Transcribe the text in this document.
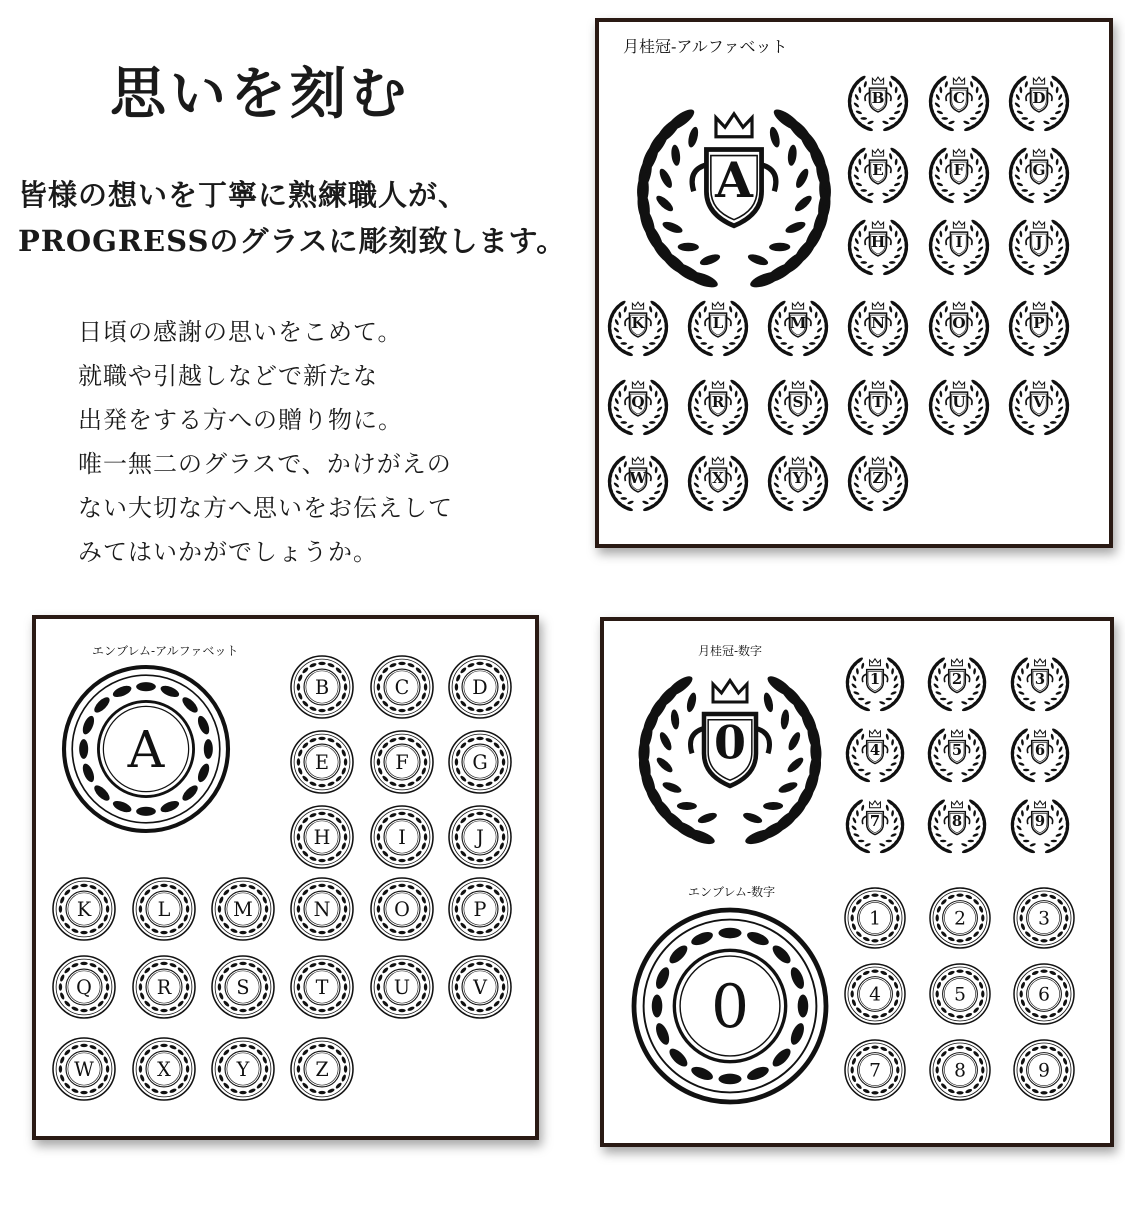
思いを刻む
皆様の想いを丁寧に熟練職人が、
PROGRESSのグラスに彫刻致します。
日頃の感謝の思いをこめて。
就職や引越しなどで新たな
出発をする方への贈り物に。
唯一無二のグラスで、かけがえの
ない大切な方へ思いをお伝えして
みてはいかがでしょうか。
月桂冠-アルファベット
A
B	C	D
E	F	G
H	I	J
K	L	M	N	O	P
Q	R	S	T	U	V
W	X	Y	Z
エンブレム-アルファベット
A
B	C	D
E	F	G
H	I	J
K	L	M	N	O	P
Q	R	S	T	U	V
W	X	Y	Z
月桂冠-数字
エンブレム-数字
0
1	2	3
4	5	6
7	8	9
0
1	2	3
4	5	6
7	8	9
